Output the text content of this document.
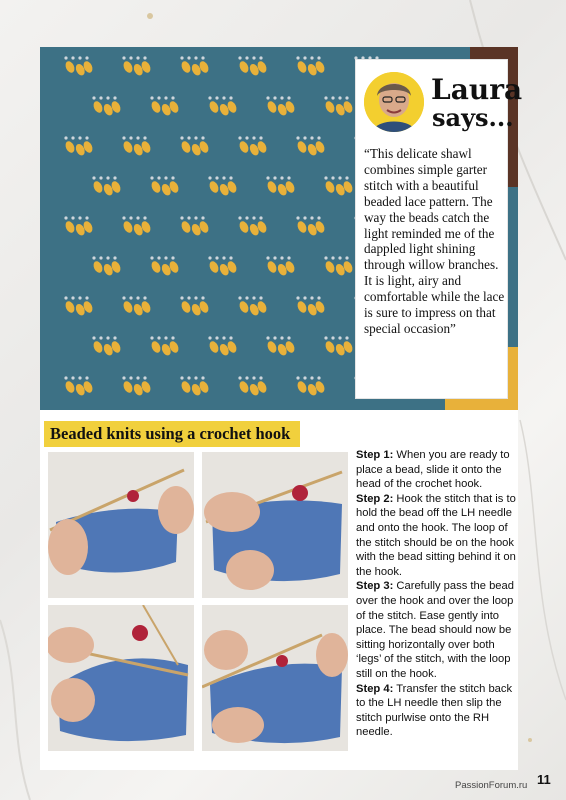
Laura
says...
“This delicate shawl combines simple garter stitch with a beautiful beaded lace pattern. The way the beads catch the light reminded me of the dappled light shining through willow branches. It is light, airy and comfortable while the lace is sure to impress on that special occasion”
Beaded knits using a crochet hook

Step 1: When you are ready to place a bead, slide it onto the head of the crochet hook.

Step 2: Hook the stitch that is to hold the bead off the LH needle and onto the hook. The loop of the stitch should be on the hook with the bead sitting behind it on the hook.

Step 3: Carefully pass the bead over the hook and over the loop of the stitch. Ease gently into place. The bead should now be sitting horizontally over both ‘legs’ of the stitch, with the loop still on the hook.

Step 4: Transfer the stitch back to the LH needle then slip the stitch purlwise onto the RH needle.

11
PassionForum.ru
